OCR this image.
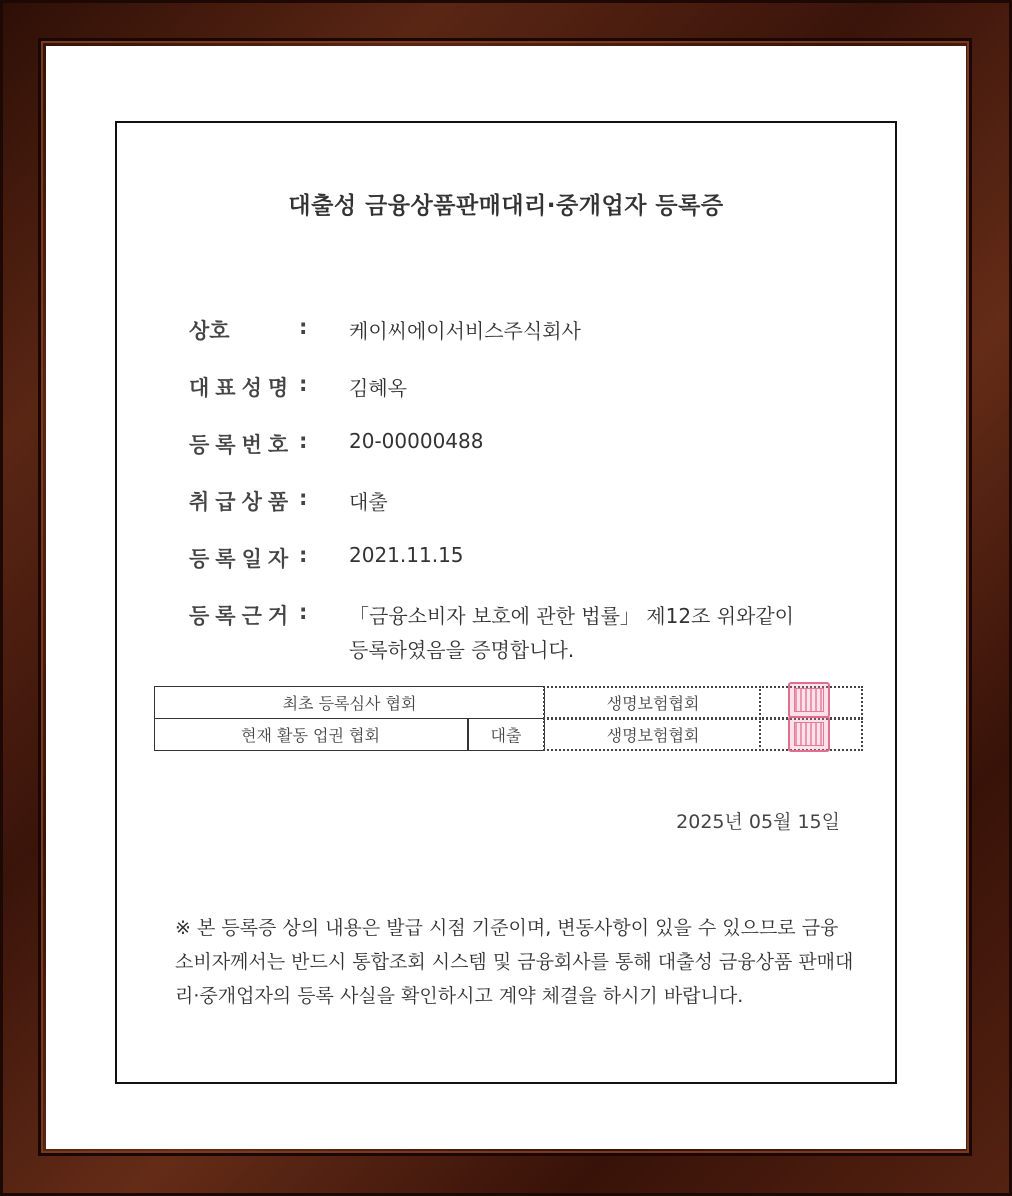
대출성 금융상품판매대리·중개업자 등록증
상호	: 케이씨에이서비스주식회사
대표성명 : 김혜옥
등록번호 : 20-00000488
취급상품 : 대출
등록일자 : 2021.11.15
등록근거 : 「금융소비자 보호에 관한 법률」 제12조 위와같이
등록하였음을 증명합니다.
최초 등록심사 협회	생명보험협회
현재 활동 업권 협회	대출	생명보험협회
2025년 05월 15일
※ 본 등록증 상의 내용은 발급 시점 기준이며, 변동사항이 있을 수 있으므로 금융소비자께서는 반드시 통합조회 시스템 및 금융회사를 통해 대출성 금융상품 판매대리·중개업자의 등록 사실을 확인하시고 계약 체결을 하시기 바랍니다.
